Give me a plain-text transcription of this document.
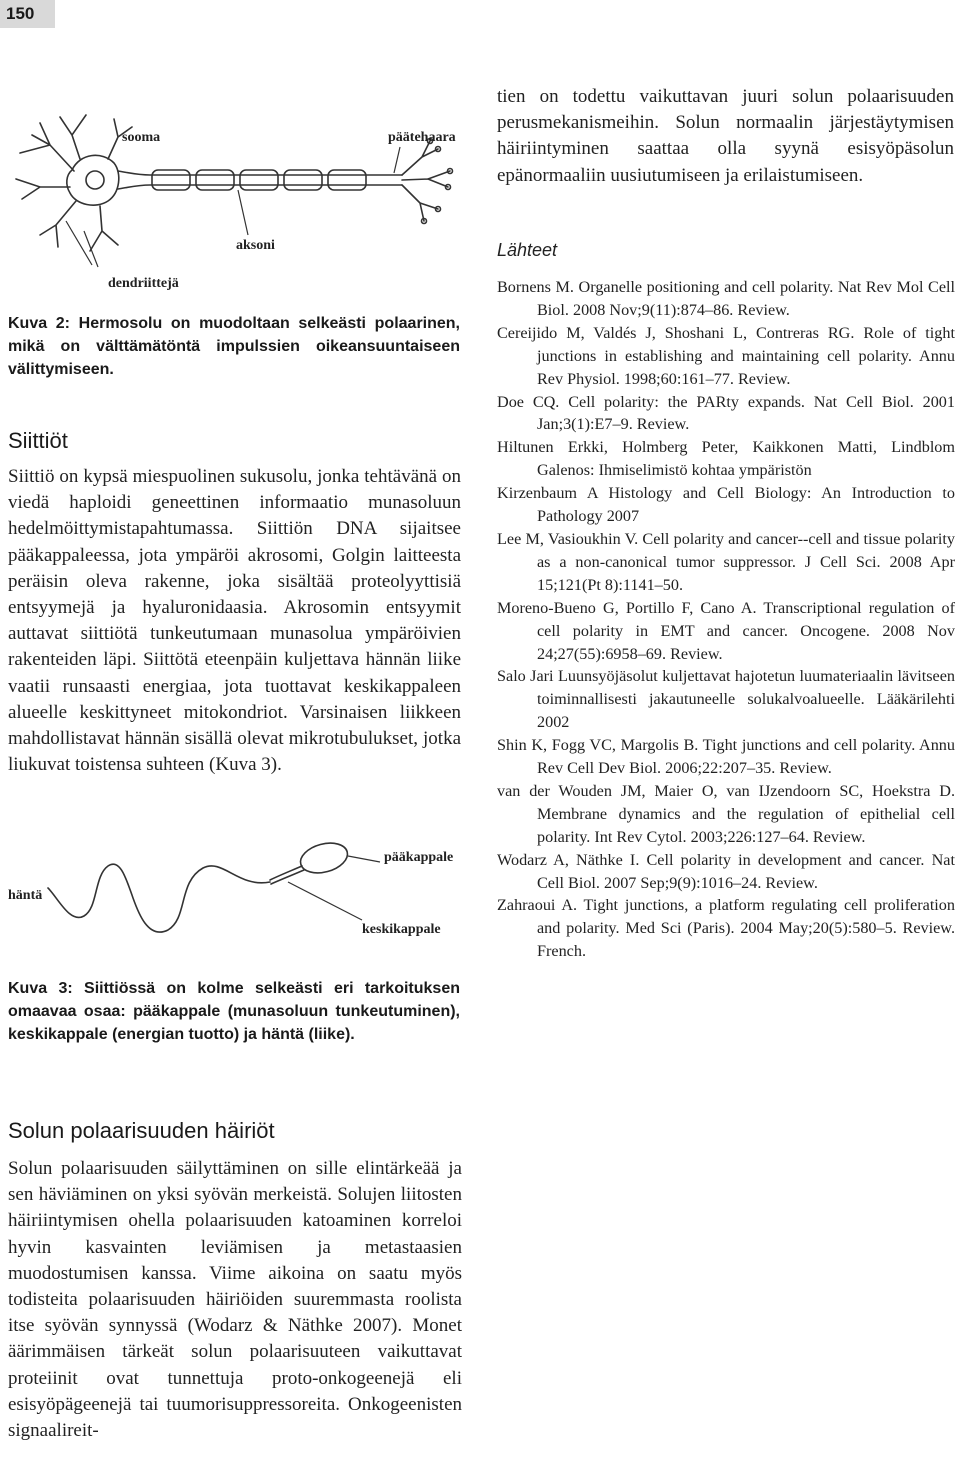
150
sooma	päätehaara
aksoni
dendriittejä
Kuva 2: Hermosolu on muodoltaan selkeästi polaarinen, mikä on välttämätöntä impulssien oikeansuuntaiseen välittymiseen.
Siittiöt
Siittiö on kypsä miespuolinen sukusolu, jonka tehtävänä on viedä haploidi geneettinen informaatio munasoluun hedelmöittymistapahtumassa. Siittiön DNA sijaitsee pääkappaleessa, jota ympäröi akrosomi, Golgin laitteesta peräisin oleva rakenne, joka sisältää proteolyyttisiä entsyymejä ja hyaluronidaasia. Akrosomin entsyymit auttavat siittiötä tunkeutumaan munasolua ympäröivien rakenteiden läpi. Siittötä eteenpäin kuljettava hännän liike vaatii runsaasti energiaa, jota tuottavat keskikappaleen alueelle keskittyneet mitokondriot. Varsinaisen liikkeen mahdollistavat hännän sisällä olevat mikrotubulukset, jotka liukuvat toistensa suhteen (Kuva 3).
häntä
pääkappale
keskikappale
Kuva 3: Siittiössä on kolme selkeästi eri tarkoituksen omaavaa osaa: pääkappale (munasoluun tunkeutuminen), keskikappale (energian tuotto) ja häntä (liike).
Solun polaarisuuden häiriöt
Solun polaarisuuden säilyttäminen on sille elintärkeää ja sen häviäminen on yksi syövän merkeistä. Solujen liitosten häiriintymisen ohella polaarisuuden katoaminen korreloi hyvin kasvainten leviämisen ja metastaasien muodostumisen kanssa. Viime aikoina on saatu myös todisteita polaarisuuden häiriöiden suuremmasta roolista itse syövän synnyssä (Wodarz & Näthke 2007). Monet äärimmäisen tärkeät solun polaarisuuteen vaikuttavat proteiinit ovat tunnettuja proto-onkogeenejä eli esisyöpägeenejä tai tuumorisuppressoreita. Onkogeenisten signaalireit-
tien on todettu vaikuttavan juuri solun polaarisuuden perusmekanismeihin. Solun normaalin järjestäytymisen häiriintyminen saattaa olla syynä esisyöpäsolun epänormaaliin uusiutumiseen ja erilaistumiseen.
Lähteet

Bornens M. Organelle positioning and cell polarity. Nat Rev Mol Cell Biol. 2008 Nov;9(11):874–86. Review.

Cereijido M, Valdés J, Shoshani L, Contreras RG. Role of tight junctions in establishing and maintaining cell polarity. Annu Rev Physiol. 1998;60:161–77. Review.

Doe CQ. Cell polarity: the PARty expands. Nat Cell Biol. 2001 Jan;3(1):E7–9. Review.

Hiltunen Erkki, Holmberg Peter, Kaikkonen Matti, Lindblom Galenos: Ihmiselimistö kohtaa ympäristön

Kirzenbaum A Histology and Cell Biology: An Introduction to Pathology 2007

Lee M, Vasioukhin V. Cell polarity and cancer--cell and tissue polarity as a non-canonical tumor suppressor. J Cell Sci. 2008 Apr 15;121(Pt 8):1141–50.

Moreno-Bueno G, Portillo F, Cano A. Transcriptional regulation of cell polarity in EMT and cancer. Oncogene. 2008 Nov 24;27(55):6958–69. Review.

Salo Jari Luunsyöjäsolut kuljettavat hajotetun luumateriaalin lävitseen toiminnallisesti jakautuneelle solukalvoalueelle. Lääkärilehti 2002

Shin K, Fogg VC, Margolis B. Tight junctions and cell polarity. Annu Rev Cell Dev Biol. 2006;22:207–35. Review.

van der Wouden JM, Maier O, van IJzendoorn SC, Hoekstra D. Membrane dynamics and the regulation of epithelial cell polarity. Int Rev Cytol. 2003;226:127–64. Review.

Wodarz A, Näthke I. Cell polarity in development and cancer. Nat Cell Biol. 2007 Sep;9(9):1016–24. Review.

Zahraoui A. Tight junctions, a platform regulating cell proliferation and polarity. Med Sci (Paris). 2004 May;20(5):580–5. Review. French.
